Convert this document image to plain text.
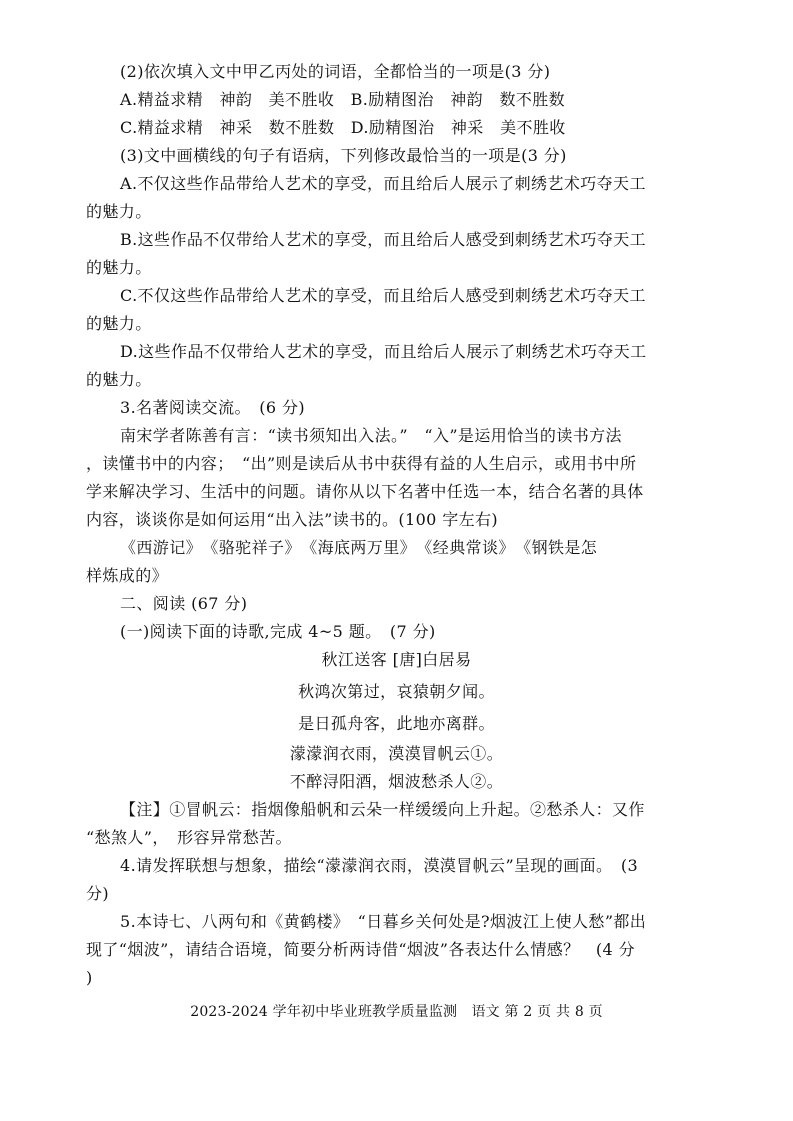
(2)依次填入文中甲乙丙处的词语，全都恰当的一项是(3 分)
A.精益求精　神韵　美不胜收　B.励精图治　神韵　数不胜数
C.精益求精　神采　数不胜数　D.励精图治　神采　美不胜收
(3)文中画横线的句子有语病，下列修改最恰当的一项是(3 分)
A.不仅这些作品带给人艺术的享受，而且给后人展示了刺绣艺术巧夺天工
的魅力。
B.这些作品不仅带给人艺术的享受，而且给后人感受到刺绣艺术巧夺天工
的魅力。
C.不仅这些作品带给人艺术的享受，而且给后人感受到刺绣艺术巧夺天工
的魅力。
D.这些作品不仅带给人艺术的享受，而且给后人展示了刺绣艺术巧夺天工
的魅力。
3.名著阅读交流。　(6 分)
南宋学者陈善有言：“读书须知出入法。”　“入”是运用恰当的读书方法
，读懂书中的内容；　“出”则是读后从书中获得有益的人生启示，或用书中所
学来解决学习、生活中的问题。请你从以下名著中任选一本，结合名著的具体
内容，谈谈你是如何运用“出入法”读书的。(100 字左右)
《西游记》　《骆驼祥子》　《海底两万里》　《经典常谈》　《钢铁是怎
样炼成的》
二、阅读 (67 分)
(一)阅读下面的诗歌,完成 4~5 题。　(7 分)
秋江送客 [唐]白居易
秋鸿次第过，哀猿朝夕闻。
是日孤舟客，此地亦离群。
濛濛润衣雨，漠漠冒帆云①。
不醉浔阳酒，烟波愁杀人②。
【注】①冒帆云：指烟像船帆和云朵一样缓缓向上升起。②愁杀人：又作
“愁煞人”，　形容异常愁苦。
4.请发挥联想与想象，描绘“濛濛润衣雨，漠漠冒帆云”呈现的画面。　(3
分)
5.本诗七、八两句和《黄鹤楼》　“日暮乡关何处是?烟波江上使人愁”都出
现了“烟波”，请结合语境，简要分析两诗借“烟波”各表达什么情感？　(4 分
)
2023-2024 学年初中毕业班教学质量监测　语文 第 2 页 共 8 页
